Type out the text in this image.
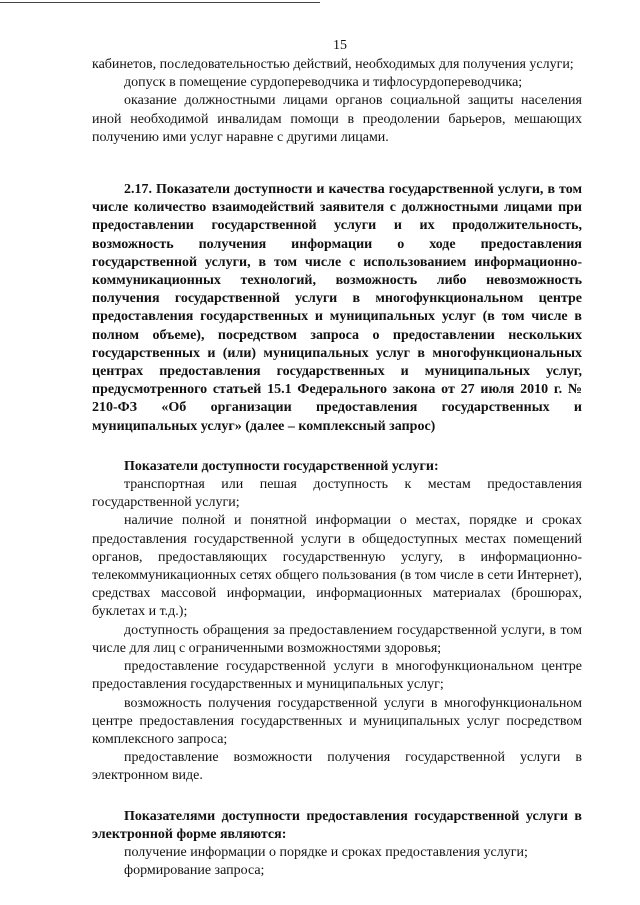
15

кабинетов, последовательностью действий, необходимых для получения услуги;

допуск в помещение сурдопереводчика и тифлосурдопереводчика;

оказание должностными лицами органов социальной защиты населения иной необходимой инвалидам помощи в преодолении барьеров, мешающих получению ими услуг наравне с другими лицами.

2.17. Показатели доступности и качества государственной услуги, в том числе количество взаимодействий заявителя с должностными лицами при предоставлении государственной услуги и их продолжительность, возможность получения информации о ходе предоставления государственной услуги, в том числе с использованием информационно-коммуникационных технологий, возможность либо невозможность получения государственной услуги в многофункциональном центре предоставления государственных и муниципальных услуг (в том числе в полном объеме), посредством запроса о предоставлении нескольких государственных и (или) муниципальных услуг в многофункциональных центрах предоставления государственных и муниципальных услуг, предусмотренного статьей 15.1 Федерального закона от 27 июля 2010 г. № 210-ФЗ «Об организации предоставления государственных и муниципальных услуг» (далее – комплексный запрос)

Показатели доступности государственной услуги:

транспортная или пешая доступность к местам предоставления государственной услуги;

наличие полной и понятной информации о местах, порядке и сроках предоставления государственной услуги в общедоступных местах помещений органов, предоставляющих государственную услугу, в информационно-телекоммуникационных сетях общего пользования (в том числе в сети Интернет), средствах массовой информации, информационных материалах (брошюрах, буклетах и т.д.);

доступность обращения за предоставлением государственной услуги, в том числе для лиц с ограниченными возможностями здоровья;

предоставление государственной услуги в многофункциональном центре предоставления государственных и муниципальных услуг;

возможность получения государственной услуги в многофункциональном центре предоставления государственных и муниципальных услуг посредством комплексного запроса;

предоставление возможности получения государственной услуги в электронном виде.

Показателями доступности предоставления государственной услуги в электронной форме являются:

получение информации о порядке и сроках предоставления услуги;

формирование запроса;
